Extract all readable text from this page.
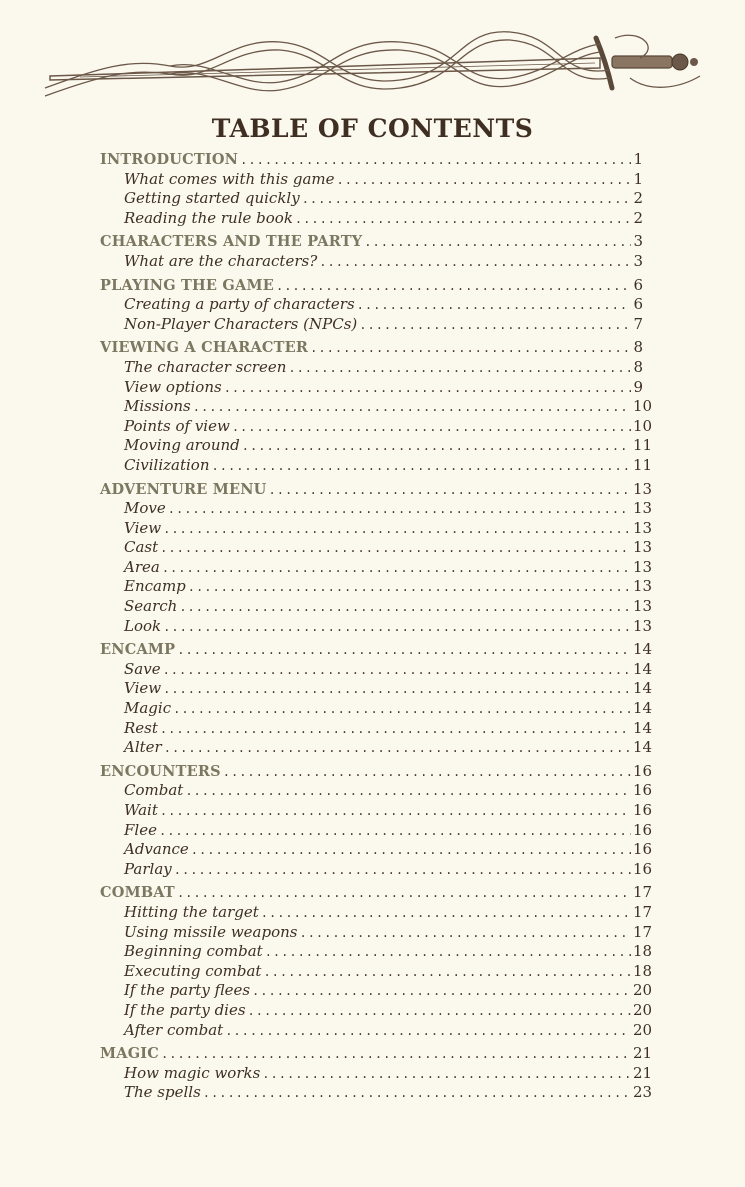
TABLE OF CONTENTS
INTRODUCTION .....	1
What comes with this game .....	1
Getting started quickly .....	2
Reading the rule book .....	2
CHARACTERS AND THE PARTY .....	3
What are the characters? .....	3
PLAYING THE GAME .....	6
Creating a party of characters .....	6
Non-Player Characters (NPCs) .....	7
VIEWING A CHARACTER .....	8
The character screen .....	8
View options .....	9
Missions .....	10
Points of view .....	10
Moving around .....	11
Civilization .....	11
ADVENTURE MENU .....	13
Move .....	13
View .....	13
Cast .....	13
Area .....	13
Encamp .....	13
Search .....	13
Look .....	13
ENCAMP .....	14
Save .....	14
View .....	14
Magic .....	14
Rest .....	14
Alter .....	14
ENCOUNTERS .....	16
Combat .....	16
Wait .....	16
Flee .....	16
Advance .....	16
Parlay .....	16
COMBAT .....	17
Hitting the target .....	17
Using missile weapons .....	17
Beginning combat .....	18
Executing combat .....	18
If the party flees .....	20
If the party dies .....	20
After combat .....	20
MAGIC .....	21
How magic works .....	21
The spells .....	23
